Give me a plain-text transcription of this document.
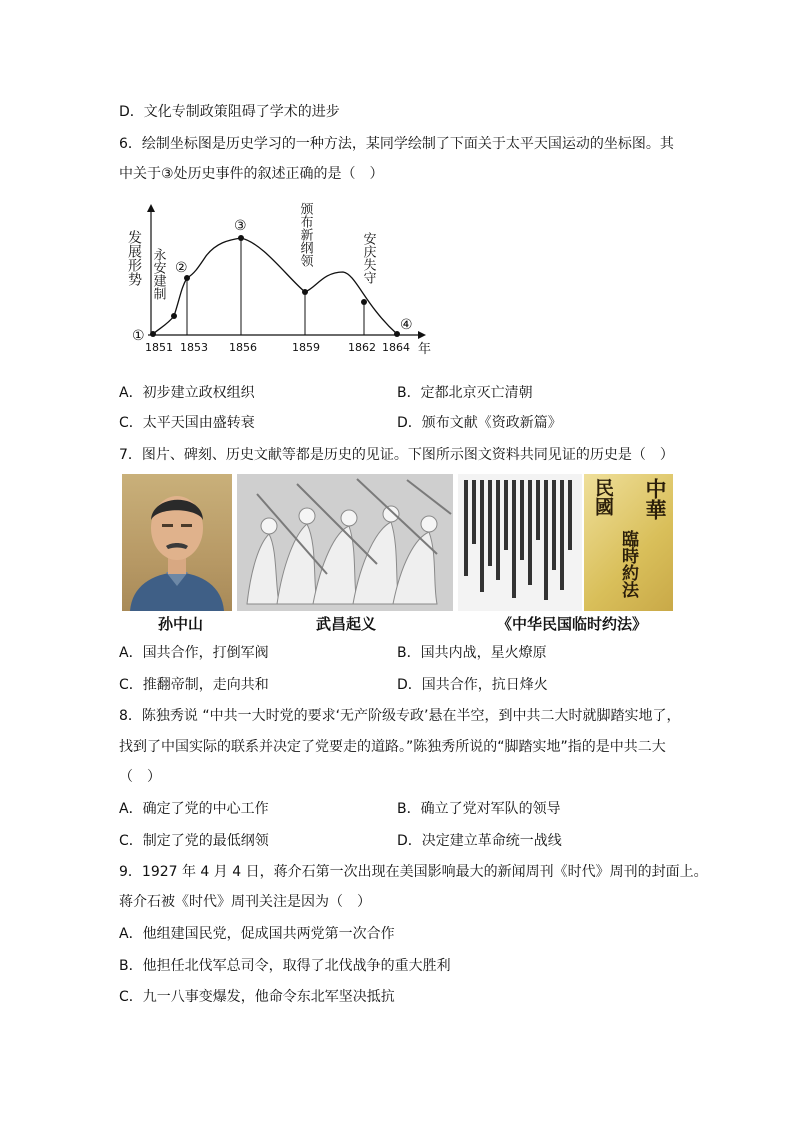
D．文化专制政策阻碍了学术的进步
6．绘制坐标图是历史学习的一种方法，某同学绘制了下面关于太平天国运动的坐标图。其
中关于③处历史事件的叙述正确的是（　）
发展形势
年
①
②
③
④
永安建制
颁布新纲领	安庆失守
1851 1853 1856	1859	1862 1864
A．初步建立政权组织	B．定都北京灭亡清朝
C．太平天国由盛转衰	D．颁布文献《资政新篇》
7．图片、碑刻、历史文献等都是历史的见证。下图所示图文资料共同见证的历史是（　）
中華
民國
臨時約法
孙中山	武昌起义	《中华民国临时约法》
A．国共合作，打倒军阀	B．国共内战，星火燎原
C．推翻帝制，走向共和	D．国共合作，抗日烽火
8．陈独秀说 “中共一大时党的要求‘无产阶级专政’悬在半空，到中共二大时就脚踏实地了，
找到了中国实际的联系并决定了党要走的道路。”陈独秀所说的“脚踏实地”指的是中共二大
（　）
A．确定了党的中心工作	B．确立了党对军队的领导
C．制定了党的最低纲领	D．决定建立革命统一战线
9．1927 年 4 月 4 日，蒋介石第一次出现在美国影响最大的新闻周刊《时代》周刊的封面上。
蒋介石被《时代》周刊关注是因为（　）
A．他组建国民党，促成国共两党第一次合作
B．他担任北伐军总司令，取得了北伐战争的重大胜利
C．九一八事变爆发，他命令东北军坚决抵抗
